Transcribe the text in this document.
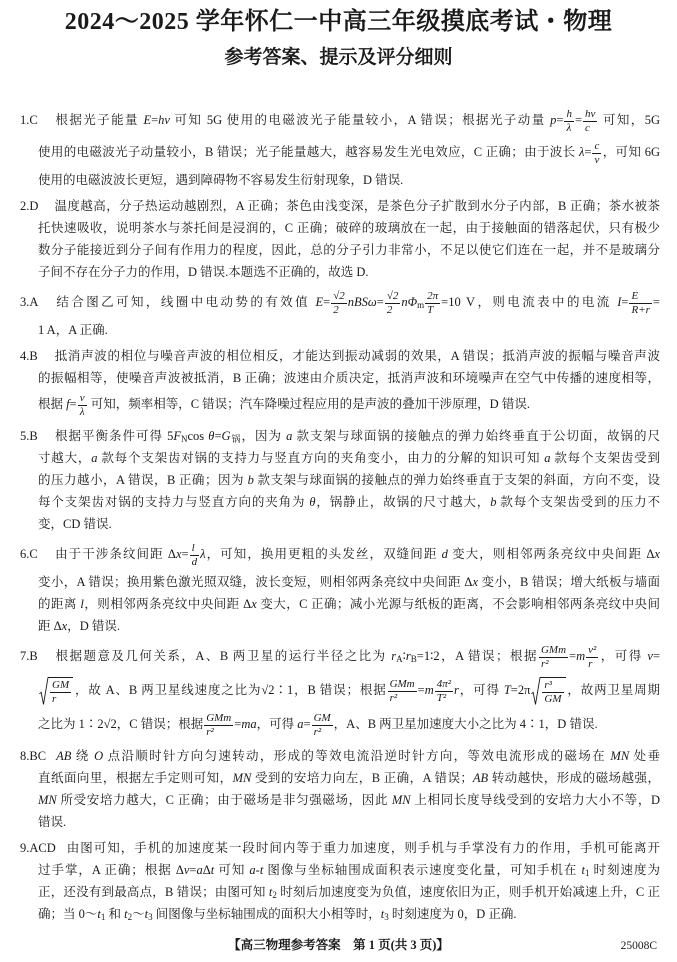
2024～2025 学年怀仁一中高三年级摸底考试・物理
参考答案、提示及评分细则
1.C 根据光子能量 E=hν 可知 5G 使用的电磁波光子能量较小，A 错误；根据光子动量 $p= \frac{h}{\lambda} = \frac{h\nu}{c}$ 可知，5G
使用的电磁波光子动量较小，B 错误；光子能量越大，越容易发生光电效应，C 正确；由于波长 $\lambda= \frac{c}{\nu}$ ，可知 6G
使用的电磁波波长更短，遇到障碍物不容易发生衍射现象，D 错误.
2.D 温度越高，分子热运动越剧烈，A 正确；茶色由浅变深，是茶色分子扩散到水分子内部，B 正确；茶水被茶
托快速吸收，说明茶水与茶托间是浸润的，C 正确；破碎的玻璃放在一起，由于接触面的错落起伏，只有极少
数分子能接近到分子间有作用力的程度，因此，总的分子引力非常小，不足以使它们连在一起，并不是玻璃分
子间不存在分子力的作用，D 错误.本题选不正确的，故选 D.
3.A 结合图乙可知，线圈中电动势的有效值 $E= \frac{√2}{2} nBS\omega= \frac{√2}{2} n\Phi_m \frac{2\pi}{T} =10$ V，则电流表中的电流 $I= \frac{E}{R+r}$ =
1 A，A 正确.
4.B 抵消声波的相位与噪音声波的相位相反，才能达到振动减弱的效果，A 错误；抵消声波的振幅与噪音声波
的振幅相等，使噪音声波被抵消，B 正确；波速由介质决定，抵消声波和环境噪声在空气中传播的速度相等，
根据 $f= \frac{v}{\lambda}$ 可知，频率相等，C 错误；汽车降噪过程应用的是声波的叠加干涉原理，D 错误.
5.B 根据平衡条件可得 $5F_N\cos$ $\theta=G_锅$，因为 a 款支架与球面锅的接触点的弹力始终垂直于公切面，故锅的尺
寸越大，a 款每个支架齿对锅的支持力与竖直方向的夹角变小，由力的分解的知识可知 a 款每个支架齿受到
的压力越小，A 错误，B 正确；因为 b 款支架与球面锅的接触点的弹力始终垂直于支架的斜面，方向不变，设
每个支架齿对锅的支持力与竖直方向的夹角为 θ，锅静止，故锅的尺寸越大，b 款每个支架齿受到的压力不
变，CD 错误.
6.C 由于干涉条纹间距 $\Delta x= \frac{l}{d}$ λ，可知，换用更粗的头发丝，双缝间距 d 变大，则相邻两条亮纹中央间距 Δx
变小，A 错误；换用紫色激光照双缝，波长变短，则相邻两条亮纹中央间距 Δx 变小，B 错误；增大纸板与墙面
的距离 l，则相邻两条亮纹中央间距 Δx 变大，C 正确；减小光源与纸板的距离，不会影响相邻两条亮纹中央间
距 Δx，D 错误.
7.B 根据题意及几何关系，A、B 两卫星的运行半径之比为 $r_A∶r_B=1∶2$，A 错误；根据 $\frac{\text{GMm}}{\text{r²}} =m \frac{\text{v²}}{r}$ ，可得 v=
$\frac{GM}{r}$ ，故 A、B 两卫星线速度之比为√2∶1，B 错误；根据 $\frac{\text{GMm}}{\text{r²}} =m \frac{\text{4π²}}{\text{T²}}$ r，可得 $T=2\pi \frac{\text{r³}}{GM}$ ，故两卫星周期
之比为 1∶2√2，C 错误；根据 $\frac{\text{GMm}}{\text{r²}} =ma$，可得 $a= \frac{GM}{\text{r²}}$ ，A、B 两卫星加速度大小之比为 4∶1，D 错误.
8.BC AB 绕 O 点沿顺时针方向匀速转动，形成的等效电流沿逆时针方向，等效电流形成的磁场在 MN 处垂
直纸面向里，根据左手定则可知，MN 受到的安培力向左，B 正确，A 错误；AB 转动越快，形成的磁场越强，
MN 所受安培力越大，C 正确；由于磁场是非匀强磁场，因此 MN 上相同长度导线受到的安培力大小不等，D
错误.
9.ACD 由图可知，手机的加速度某一段时间内等于重力加速度，则手机与手掌没有力的作用，手机可能离开
过手掌，A 正确；根据 Δv=aΔt 可知 a-t 图像与坐标轴围成面积表示速度变化量，可知手机在 $t_1$ 时刻速度为
正，还没有到最高点，B 错误；由图可知 $t_2$ 时刻后加速度变为负值，速度依旧为正，则手机开始减速上升，C 正
确；当 $0\sim t_1$ 和 $t_2\sim t_3$ 间图像与坐标轴围成的面积大小相等时，$t_3$ 时刻速度为 0，D 正确.
【高三物理参考答案　第 1 页(共 3 页)】	25008C
